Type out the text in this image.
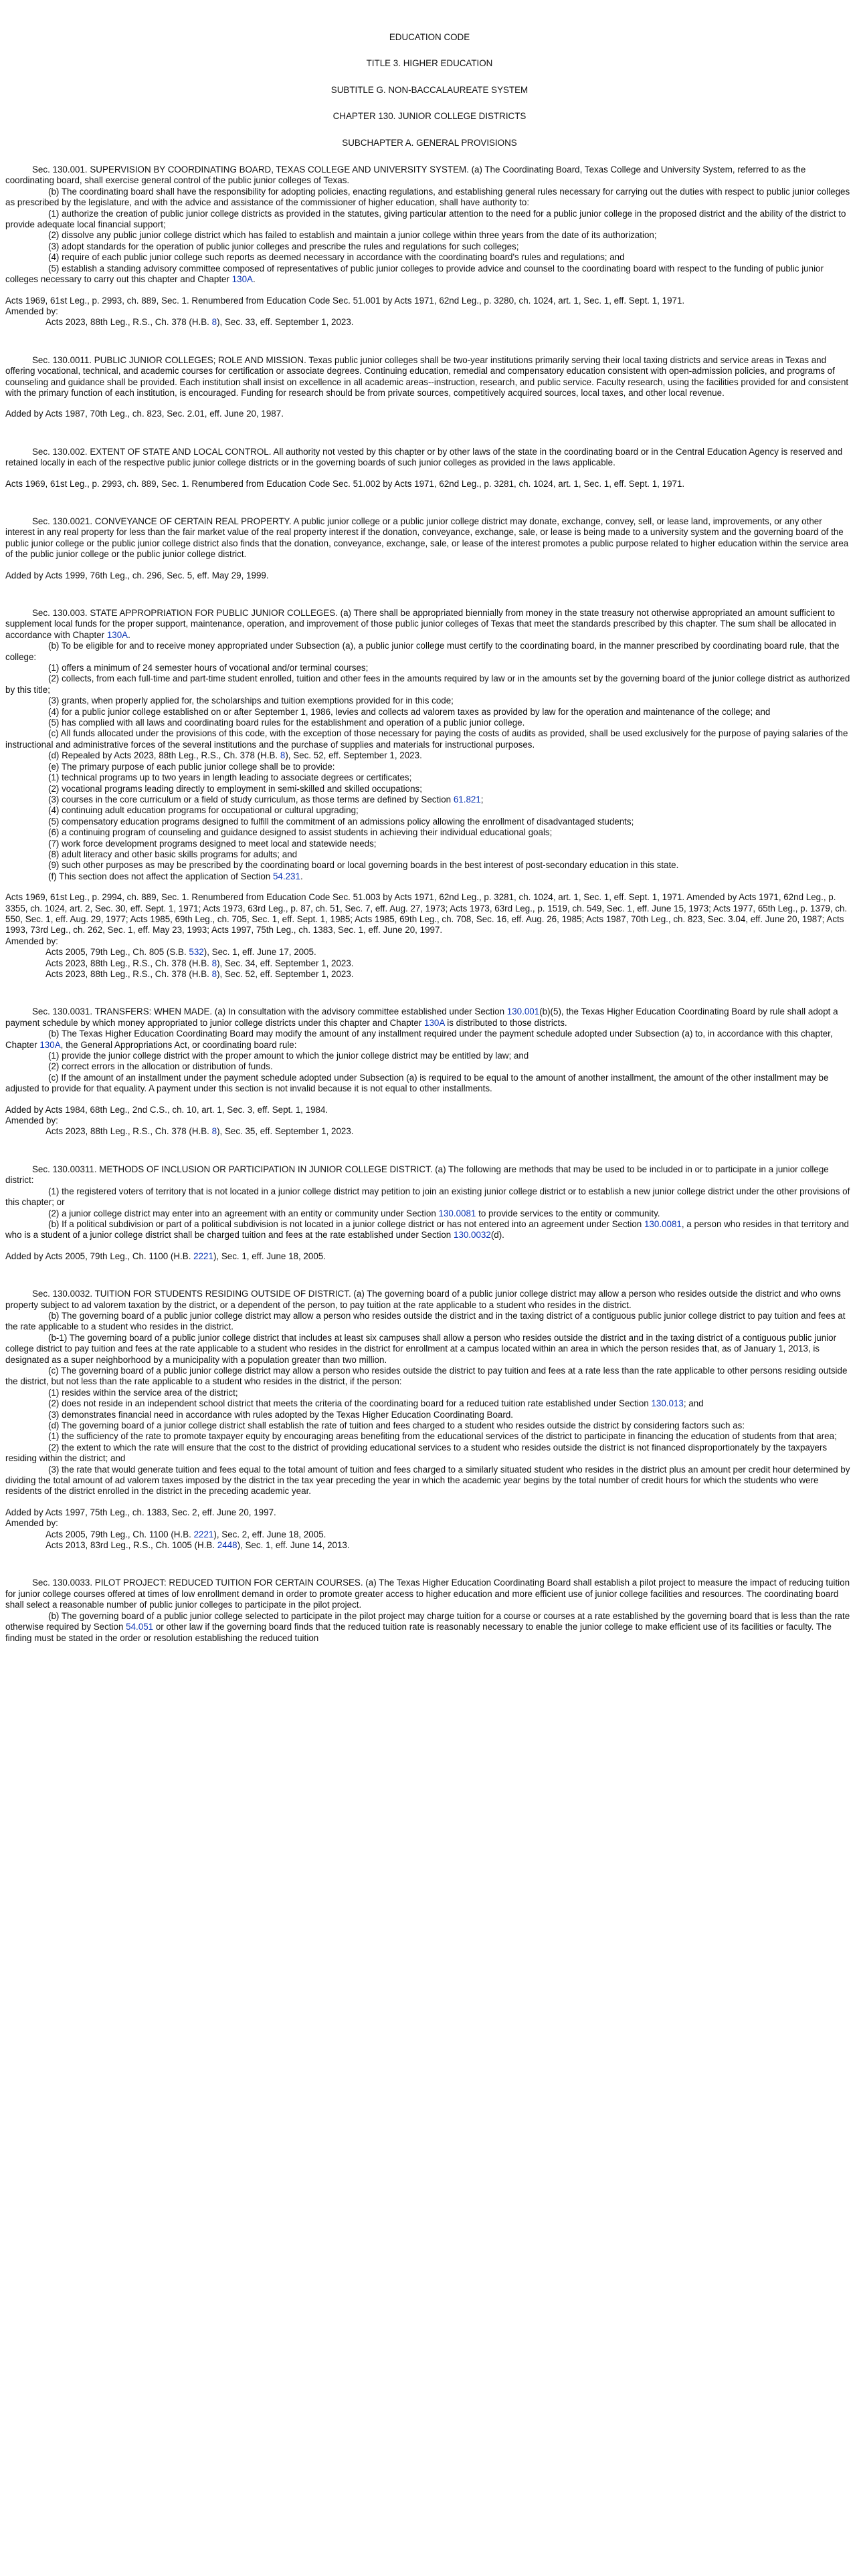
EDUCATION CODE
TITLE 3. HIGHER EDUCATION
SUBTITLE G. NON-BACCALAUREATE SYSTEM
CHAPTER 130. JUNIOR COLLEGE DISTRICTS
SUBCHAPTER A. GENERAL PROVISIONS

Sec. 130.001. SUPERVISION BY COORDINATING BOARD, TEXAS COLLEGE AND UNIVERSITY SYSTEM. (a) The Coordinating Board, Texas College and University System, referred to as the coordinating board, shall exercise general control of the public junior colleges of Texas.

(b) The coordinating board shall have the responsibility for adopting policies, enacting regulations, and establishing general rules necessary for carrying out the duties with respect to public junior colleges as prescribed by the legislature, and with the advice and assistance of the commissioner of higher education, shall have authority to:

(1) authorize the creation of public junior college districts as provided in the statutes, giving particular attention to the need for a public junior college in the proposed district and the ability of the district to provide adequate local financial support;

(2) dissolve any public junior college district which has failed to establish and maintain a junior college within three years from the date of its authorization;

(3) adopt standards for the operation of public junior colleges and prescribe the rules and regulations for such colleges;

(4) require of each public junior college such reports as deemed necessary in accordance with the coordinating board's rules and regulations; and

(5) establish a standing advisory committee composed of representatives of public junior colleges to provide advice and counsel to the coordinating board with respect to the funding of public junior colleges necessary to carry out this chapter and Chapter 130A.

Acts 1969, 61st Leg., p. 2993, ch. 889, Sec. 1. Renumbered from Education Code Sec. 51.001 by Acts 1971, 62nd Leg., p. 3280, ch. 1024, art. 1, Sec. 1, eff. Sept. 1, 1971.

Amended by:

Acts 2023, 88th Leg., R.S., Ch. 378 (H.B. 8), Sec. 33, eff. September 1, 2023.

Sec. 130.0011. PUBLIC JUNIOR COLLEGES; ROLE AND MISSION. Texas public junior colleges shall be two-year institutions primarily serving their local taxing districts and service areas in Texas and offering vocational, technical, and academic courses for certification or associate degrees. Continuing education, remedial and compensatory education consistent with open-admission policies, and programs of counseling and guidance shall be provided. Each institution shall insist on excellence in all academic areas--instruction, research, and public service. Faculty research, using the facilities provided for and consistent with the primary function of each institution, is encouraged. Funding for research should be from private sources, competitively acquired sources, local taxes, and other local revenue.

Added by Acts 1987, 70th Leg., ch. 823, Sec. 2.01, eff. June 20, 1987.

Sec. 130.002. EXTENT OF STATE AND LOCAL CONTROL. All authority not vested by this chapter or by other laws of the state in the coordinating board or in the Central Education Agency is reserved and retained locally in each of the respective public junior college districts or in the governing boards of such junior colleges as provided in the laws applicable.

Acts 1969, 61st Leg., p. 2993, ch. 889, Sec. 1. Renumbered from Education Code Sec. 51.002 by Acts 1971, 62nd Leg., p. 3281, ch. 1024, art. 1, Sec. 1, eff. Sept. 1, 1971.

Sec. 130.0021. CONVEYANCE OF CERTAIN REAL PROPERTY. A public junior college or a public junior college district may donate, exchange, convey, sell, or lease land, improvements, or any other interest in any real property for less than the fair market value of the real property interest if the donation, conveyance, exchange, sale, or lease is being made to a university system and the governing board of the public junior college or the public junior college district also finds that the donation, conveyance, exchange, sale, or lease of the interest promotes a public purpose related to higher education within the service area of the public junior college or the public junior college district.

Added by Acts 1999, 76th Leg., ch. 296, Sec. 5, eff. May 29, 1999.

Sec. 130.003. STATE APPROPRIATION FOR PUBLIC JUNIOR COLLEGES. (a) There shall be appropriated biennially from money in the state treasury not otherwise appropriated an amount sufficient to supplement local funds for the proper support, maintenance, operation, and improvement of those public junior colleges of Texas that meet the standards prescribed by this chapter. The sum shall be allocated in accordance with Chapter 130A.

(b) To be eligible for and to receive money appropriated under Subsection (a), a public junior college must certify to the coordinating board, in the manner prescribed by coordinating board rule, that the college:

(1) offers a minimum of 24 semester hours of vocational and/or terminal courses;

(2) collects, from each full-time and part-time student enrolled, tuition and other fees in the amounts required by law or in the amounts set by the governing board of the junior college district as authorized by this title;

(3) grants, when properly applied for, the scholarships and tuition exemptions provided for in this code;

(4) for a public junior college established on or after September 1, 1986, levies and collects ad valorem taxes as provided by law for the operation and maintenance of the college; and

(5) has complied with all laws and coordinating board rules for the establishment and operation of a public junior college.

(c) All funds allocated under the provisions of this code, with the exception of those necessary for paying the costs of audits as provided, shall be used exclusively for the purpose of paying salaries of the instructional and administrative forces of the several institutions and the purchase of supplies and materials for instructional purposes.

(d) Repealed by Acts 2023, 88th Leg., R.S., Ch. 378 (H.B. 8), Sec. 52, eff. September 1, 2023.

(e) The primary purpose of each public junior college shall be to provide:

(1) technical programs up to two years in length leading to associate degrees or certificates;

(2) vocational programs leading directly to employment in semi-skilled and skilled occupations;

(3) courses in the core curriculum or a field of study curriculum, as those terms are defined by Section 61.821;

(4) continuing adult education programs for occupational or cultural upgrading;

(5) compensatory education programs designed to fulfill the commitment of an admissions policy allowing the enrollment of disadvantaged students;

(6) a continuing program of counseling and guidance designed to assist students in achieving their individual educational goals;

(7) work force development programs designed to meet local and statewide needs;

(8) adult literacy and other basic skills programs for adults; and

(9) such other purposes as may be prescribed by the coordinating board or local governing boards in the best interest of post-secondary education in this state.

(f) This section does not affect the application of Section 54.231.

Acts 1969, 61st Leg., p. 2994, ch. 889, Sec. 1. Renumbered from Education Code Sec. 51.003 by Acts 1971, 62nd Leg., p. 3281, ch. 1024, art. 1, Sec. 1, eff. Sept. 1, 1971. Amended by Acts 1971, 62nd Leg., p. 3355, ch. 1024, art. 2, Sec. 30, eff. Sept. 1, 1971; Acts 1973, 63rd Leg., p. 87, ch. 51, Sec. 7, eff. Aug. 27, 1973; Acts 1973, 63rd Leg., p. 1519, ch. 549, Sec. 1, eff. June 15, 1973; Acts 1977, 65th Leg., p. 1379, ch. 550, Sec. 1, eff. Aug. 29, 1977; Acts 1985, 69th Leg., ch. 705, Sec. 1, eff. Sept. 1, 1985; Acts 1985, 69th Leg., ch. 708, Sec. 16, eff. Aug. 26, 1985; Acts 1987, 70th Leg., ch. 823, Sec. 3.04, eff. June 20, 1987; Acts 1993, 73rd Leg., ch. 262, Sec. 1, eff. May 23, 1993; Acts 1997, 75th Leg., ch. 1383, Sec. 1, eff. June 20, 1997.

Amended by:

Acts 2005, 79th Leg., Ch. 805 (S.B. 532), Sec. 1, eff. June 17, 2005.

Acts 2023, 88th Leg., R.S., Ch. 378 (H.B. 8), Sec. 34, eff. September 1, 2023.

Acts 2023, 88th Leg., R.S., Ch. 378 (H.B. 8), Sec. 52, eff. September 1, 2023.

Sec. 130.0031. TRANSFERS: WHEN MADE. (a) In consultation with the advisory committee established under Section 130.001(b)(5), the Texas Higher Education Coordinating Board by rule shall adopt a payment schedule by which money appropriated to junior college districts under this chapter and Chapter 130A is distributed to those districts.

(b) The Texas Higher Education Coordinating Board may modify the amount of any installment required under the payment schedule adopted under Subsection (a) to, in accordance with this chapter, Chapter 130A, the General Appropriations Act, or coordinating board rule:

(1) provide the junior college district with the proper amount to which the junior college district may be entitled by law; and

(2) correct errors in the allocation or distribution of funds.

(c) If the amount of an installment under the payment schedule adopted under Subsection (a) is required to be equal to the amount of another installment, the amount of the other installment may be adjusted to provide for that equality. A payment under this section is not invalid because it is not equal to other installments.

Added by Acts 1984, 68th Leg., 2nd C.S., ch. 10, art. 1, Sec. 3, eff. Sept. 1, 1984.

Amended by:

Acts 2023, 88th Leg., R.S., Ch. 378 (H.B. 8), Sec. 35, eff. September 1, 2023.

Sec. 130.00311. METHODS OF INCLUSION OR PARTICIPATION IN JUNIOR COLLEGE DISTRICT. (a) The following are methods that may be used to be included in or to participate in a junior college district:

(1) the registered voters of territory that is not located in a junior college district may petition to join an existing junior college district or to establish a new junior college district under the other provisions of this chapter; or

(2) a junior college district may enter into an agreement with an entity or community under Section 130.0081 to provide services to the entity or community.

(b) If a political subdivision or part of a political subdivision is not located in a junior college district or has not entered into an agreement under Section 130.0081, a person who resides in that territory and who is a student of a junior college district shall be charged tuition and fees at the rate established under Section 130.0032(d).

Added by Acts 2005, 79th Leg., Ch. 1100 (H.B. 2221), Sec. 1, eff. June 18, 2005.

Sec. 130.0032. TUITION FOR STUDENTS RESIDING OUTSIDE OF DISTRICT. (a) The governing board of a public junior college district may allow a person who resides outside the district and who owns property subject to ad valorem taxation by the district, or a dependent of the person, to pay tuition at the rate applicable to a student who resides in the district.

(b) The governing board of a public junior college district may allow a person who resides outside the district and in the taxing district of a contiguous public junior college district to pay tuition and fees at the rate applicable to a student who resides in the district.

(b-1) The governing board of a public junior college district that includes at least six campuses shall allow a person who resides outside the district and in the taxing district of a contiguous public junior college district to pay tuition and fees at the rate applicable to a student who resides in the district for enrollment at a campus located within an area in which the person resides that, as of January 1, 2013, is designated as a super neighborhood by a municipality with a population greater than two million.

(c) The governing board of a public junior college district may allow a person who resides outside the district to pay tuition and fees at a rate less than the rate applicable to other persons residing outside the district, but not less than the rate applicable to a student who resides in the district, if the person:

(1) resides within the service area of the district;

(2) does not reside in an independent school district that meets the criteria of the coordinating board for a reduced tuition rate established under Section 130.013; and

(3) demonstrates financial need in accordance with rules adopted by the Texas Higher Education Coordinating Board.

(d) The governing board of a junior college district shall establish the rate of tuition and fees charged to a student who resides outside the district by considering factors such as:

(1) the sufficiency of the rate to promote taxpayer equity by encouraging areas benefiting from the educational services of the district to participate in financing the education of students from that area;

(2) the extent to which the rate will ensure that the cost to the district of providing educational services to a student who resides outside the district is not financed disproportionately by the taxpayers residing within the district; and

(3) the rate that would generate tuition and fees equal to the total amount of tuition and fees charged to a similarly situated student who resides in the district plus an amount per credit hour determined by dividing the total amount of ad valorem taxes imposed by the district in the tax year preceding the year in which the academic year begins by the total number of credit hours for which the students who were residents of the district enrolled in the district in the preceding academic year.

Added by Acts 1997, 75th Leg., ch. 1383, Sec. 2, eff. June 20, 1997.

Amended by:

Acts 2005, 79th Leg., Ch. 1100 (H.B. 2221), Sec. 2, eff. June 18, 2005.

Acts 2013, 83rd Leg., R.S., Ch. 1005 (H.B. 2448), Sec. 1, eff. June 14, 2013.

Sec. 130.0033. PILOT PROJECT: REDUCED TUITION FOR CERTAIN COURSES. (a) The Texas Higher Education Coordinating Board shall establish a pilot project to measure the impact of reducing tuition for junior college courses offered at times of low enrollment demand in order to promote greater access to higher education and more efficient use of junior college facilities and resources. The coordinating board shall select a reasonable number of public junior colleges to participate in the pilot project.

(b) The governing board of a public junior college selected to participate in the pilot project may charge tuition for a course or courses at a rate established by the governing board that is less than the rate otherwise required by Section 54.051 or other law if the governing board finds that the reduced tuition rate is reasonably necessary to enable the junior college to make efficient use of its facilities or faculty. The finding must be stated in the order or resolution establishing the reduced tuition
